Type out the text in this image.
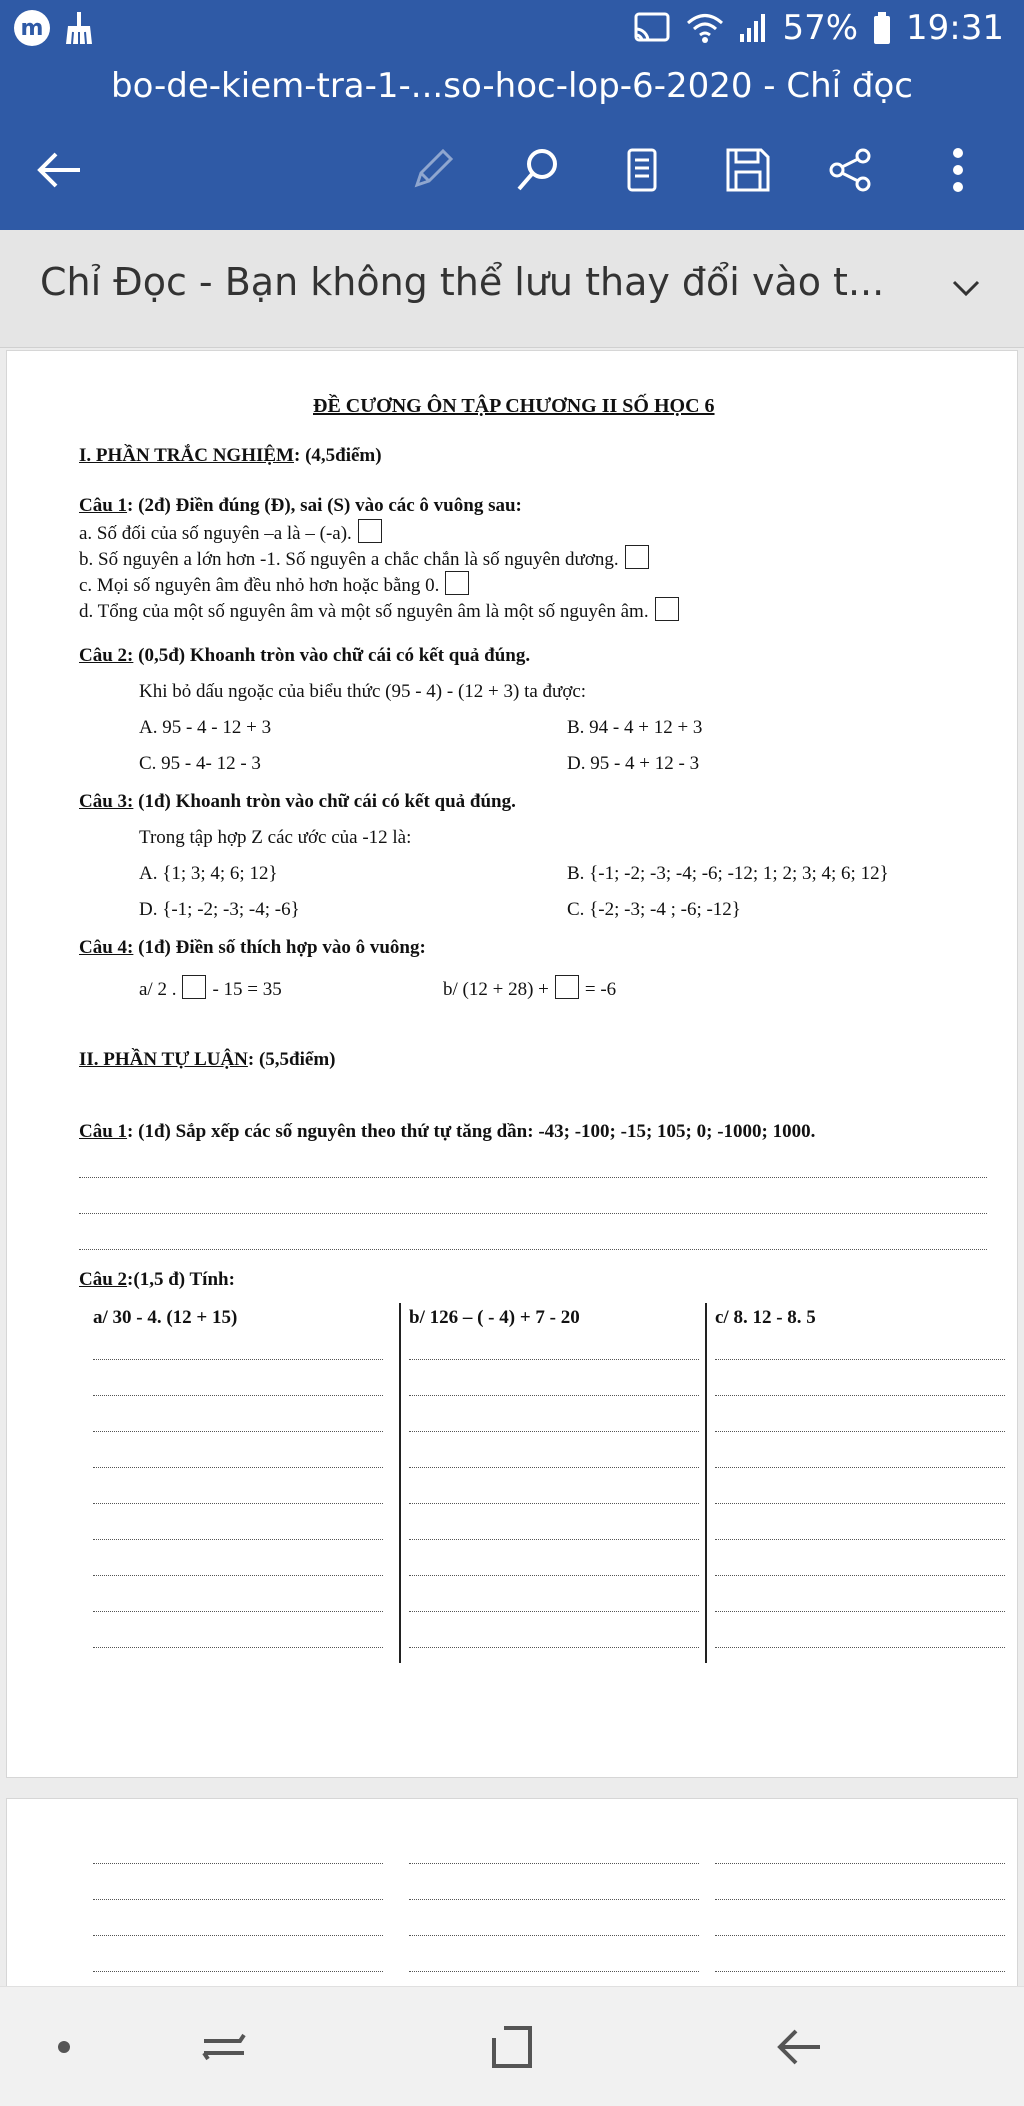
m	57% 19:31
bo-de-kiem-tra-1-...so-hoc-lop-6-2020 - Chỉ đọc
Chỉ Đọc - Bạn không thể lưu thay đổi vào t...
ĐỀ CƯƠNG ÔN TẬP CHƯƠNG II SỐ HỌC 6
I. PHẦN TRẮC NGHIỆM: (4,5điểm)
Câu 1: (2đ) Điền đúng (Đ), sai (S) vào các ô vuông sau:
a. Số đối của số nguyên –a là – (-a).
b. Số nguyên a lớn hơn -1. Số nguyên a chắc chắn là số nguyên dương.
c. Mọi số nguyên âm đều nhỏ hơn hoặc bằng 0.
d. Tổng của một số nguyên âm và một số nguyên âm là một số nguyên âm.
Câu 2: (0,5đ) Khoanh tròn vào chữ cái có kết quả đúng.
Khi bỏ dấu ngoặc của biểu thức (95 - 4) - (12 + 3) ta được:
A. 95 - 4 - 12 + 3	B. 94 - 4 + 12 + 3
C. 95 - 4- 12 - 3	D. 95 - 4 + 12 - 3
Câu 3: (1đ) Khoanh tròn vào chữ cái có kết quả đúng.
Trong tập hợp Z các ước của -12 là:
A. {1; 3; 4; 6; 12}	B. {-1; -2; -3; -4; -6; -12; 1; 2; 3; 4; 6; 12}
D. {-1; -2; -3; -4; -6}	C. {-2; -3; -4 ; -6; -12}
Câu 4: (1đ) Điền số thích hợp vào ô vuông:
a/ 2 . - 15 = 35	b/ (12 + 28) + = -6
II. PHẦN TỰ LUẬN: (5,5điểm)
Câu 1: (1đ) Sắp xếp các số nguyên theo thứ tự tăng dần: -43; -100; -15; 105; 0; -1000; 1000.
Câu 2:(1,5 đ) Tính:
a/ 30 - 4. (12 + 15)	b/ 126 – ( - 4) + 7 - 20	c/ 8. 12 - 8. 5
